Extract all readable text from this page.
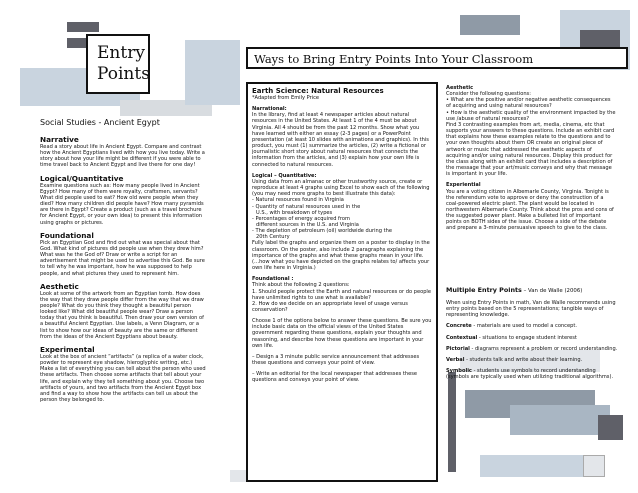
Entry
Points
Ways to Bring Entry Points Into Your Classroom
Social Studies - Ancient Egypt
Narrative

Read a story about life in Ancient Egypt. Compare and contrast how the Ancient Egyptians lived with how you live today. Write a story about how your life might be different if you were able to time travel back to Ancient Egypt and live there for one day!

Logical/Quantitative

Examine questions such as: How many people lived in Ancient Egypt? How many of them were royalty, craftsmen, servants? What did people used to eat? How old were people when they died? How many children did people have? How many pyramids are there in Egypt? Create a product (such as a travel brochure for Ancient Egypt, or your own idea) to present this information using graphs or pictures.

Foundational

Pick an Egyptian God and find out what was special about that God. What kind of pictures did people use when they drew him? What was he the God of? Draw or write a script for an advertisement that might be used to advertise this God. Be sure to tell why he was important, how he was supposed to help people, and what pictures they used to represent him.

Aesthetic

Look at some of the artwork from an Egyptian tomb. How does the way that they draw people differ from the way that we draw people? What do you think they thought a beautiful person looked like? What did beautiful people wear? Draw a person today that you think is beautiful. Then draw your own version of a beautiful Ancient Egyptian. Use labels, a Venn Diagram, or a list to show how our ideas of beauty are the same or different from the ideas of the Ancient Egyptians about beauty.

Experimental

Look at the box of ancient “artifacts” (a replica of a water clock, powder to represent eye shadow, hieroglyphic writing, etc.) Make a list of everything you can tell about the person who used these artifacts. Then choose some artifacts that tell about your life, and explain why they tell something about you. Choose two artifacts of yours, and two artifacts from the Ancient Egypt box and find a way to show how the artifacts can tell us about the person they belonged to.

Earth Science: Natural Resources

*Adapted from Emily Price

Narrational:

In the library, find at least 4 newspaper articles about natural resources in the United States. At least 1 of the 4 must be about Virginia. All 4 should be from the past 12 months. Show what you have learned with either an essay (2-3 pages) or a PowerPoint presentation (at least 10 slides with animations and graphics). In this product, you must (1) summarize the articles, (2) write a fictional or journalistic short story about natural resources that connects the information from the articles, and (3) explain how your own life is connected to natural resources.

Logical – Quantitative:

Using data from an almanac or other trustworthy source, create or reproduce at least 4 graphs using Excel to show each of the following (you may need more graphs to best illustrate this data):

- Natural resources found in Virginia

- Quantity of natural resources used in the

U.S., with breakdown of types

- Percentages of energy acquired from

different sources in the U.S. and Virginia

- The depletion of petroleum (oil) worldwide during the

20th Century

Fully label the graphs and organize them on a poster to display in the classroom. On the poster, also include 2 paragraphs explaining the importance of the graphs and what these graphs mean in your life. (…how what you have depicted on the graphs relates to/ affects your own life here in Virginia.)

Foundational :

Think about the following 2 questions:

1. Should people protect the Earth and natural resources or do people have unlimited rights to use what is available?
2. How do we decide on an appropriate level of usage versus conservation?

Choose 1 of the options below to answer these questions. Be sure you include basic data on the official views of the United States government regarding these questions, explain your thoughts and reasoning, and describe how these questions are important in your own life.

– Design a 3 minute public service announcement that addresses these questions and conveys your point of view.

– Write an editorial for the local newspaper that addresses these questions and conveys your point of view.

Aesthetic

Consider the following questions:

• What are the positive and/or negative aesthetic consequences of acquiring and using natural resources?

• How is the aesthetic quality of the environment impacted by the use /abuse of natural resources?

Find 3 contrasting examples from art, media, cinema, etc that supports your answers to these questions. Include an exhibit card that explains how these examples relate to the questions and to your own thoughts about them OR create an original piece of artwork or music that addressed the aesthetic aspects of acquiring and/or using natural resources. Display this product for the class along with an exhibit card that includes a description of the message that your art/music conveys and why that message is important in your life.

Experiential

You are a voting citizen in Albemarle County, Virginia. Tonight is the referendum vote to approve or deny the construction of a coal-powered electric plant. The plant would be located in northwestern Albemarle County. Think about the pros and cons of the suggested power plant. Make a bulleted list of important points on BOTH sides of the issue. Choose a side of the debate and prepare a 3-minute persuasive speech to give to the class.

Multiple Entry Points – Van de Walle (2006)

When using Entry Points in math, Van de Walle recommends using entry points based on the 5 representations; tangible ways of representing knowledge.

Concrete - materials are used to model a concept.

Contextual - situations to engage student interest

Pictorial - diagrams represent a problem or record understanding.

Verbal - students talk and write about their learning.

Symbolic - students use symbols to record understanding (symbols are typically used when utilizing traditional algorithms).
